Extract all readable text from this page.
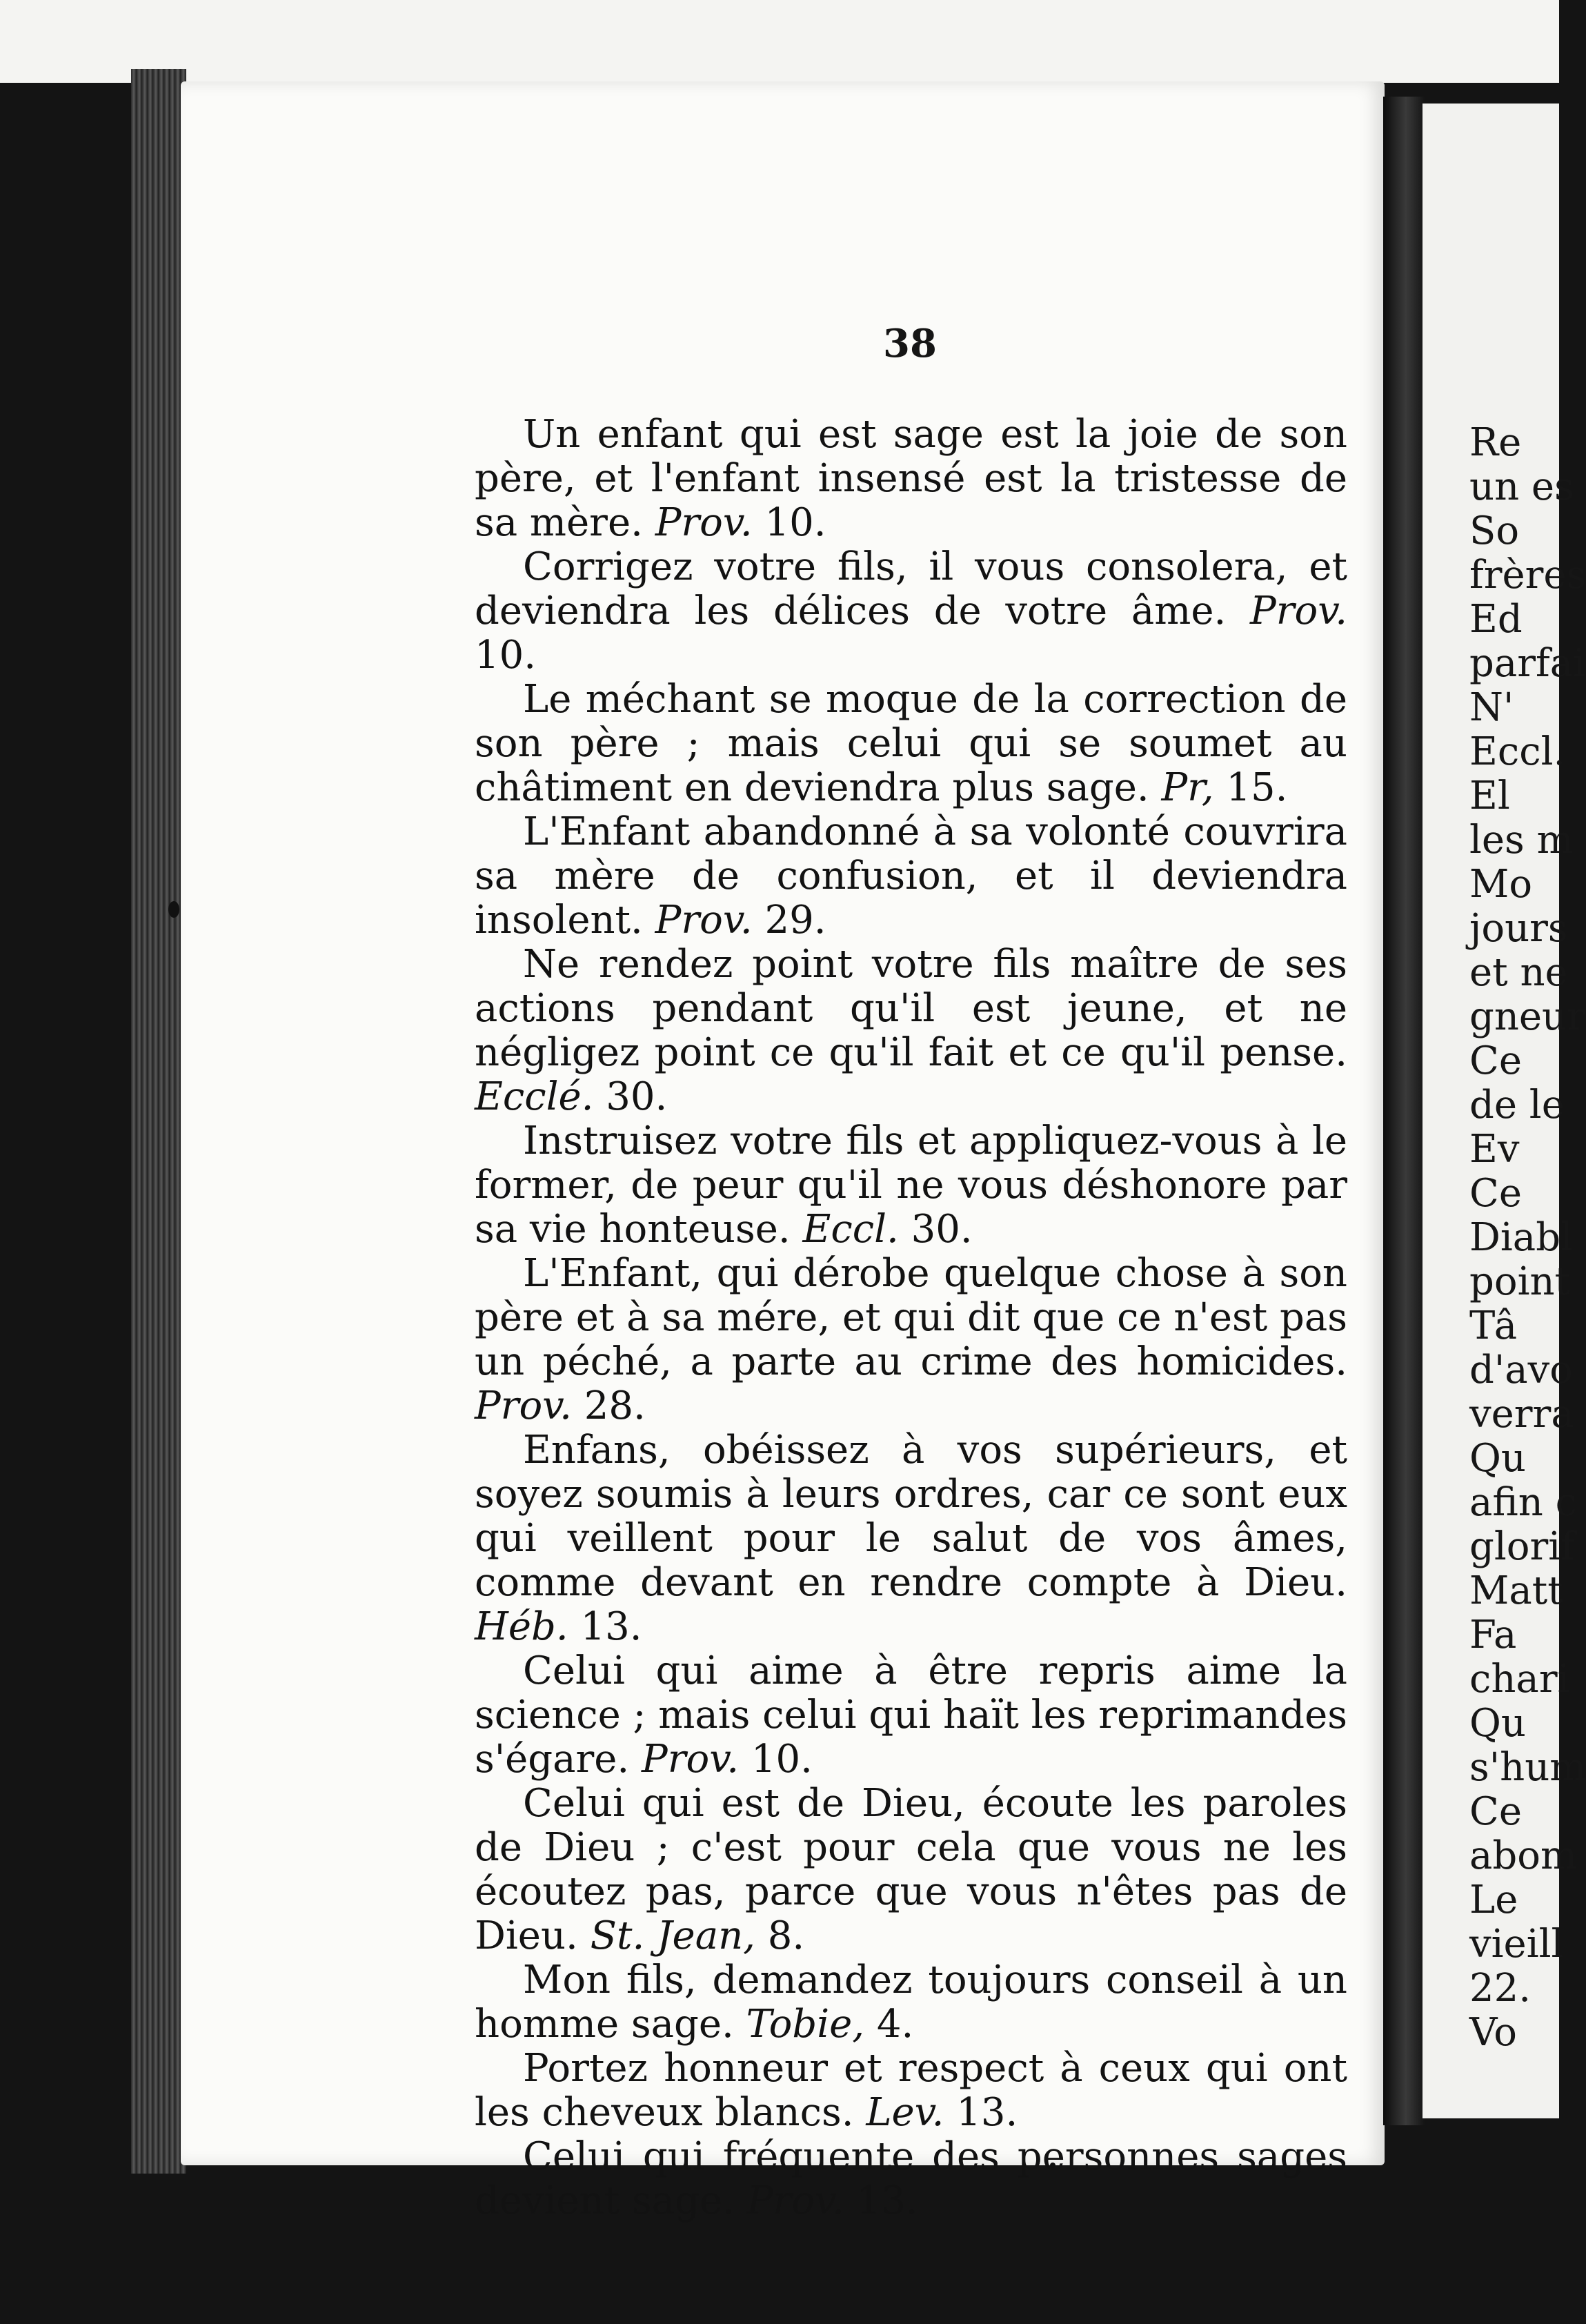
38

Un enfant qui est sage est la joie de son père, et l'enfant insensé est la tristesse de sa mère. Prov. 10.

Corrigez votre fils, il vous consolera, et deviendra les délices de votre âme. Prov. 10.

Le méchant se moque de la correction de son père ; mais celui qui se soumet au châtiment en deviendra plus sage. Pr, 15.

L'Enfant abandonné à sa volonté couvrira sa mère de confusion, et il deviendra insolent. Prov. 29.

Ne rendez point votre fils maître de ses actions pendant qu'il est jeune, et ne négligez point ce qu'il fait et ce qu'il pense. Ecclé. 30.

Instruisez votre fils et appliquez-vous à le former, de peur qu'il ne vous déshonore par sa vie honteuse. Eccl. 30.

L'Enfant, qui dérobe quelque chose à son père et à sa mére, et qui dit que ce n'est pas un péché, a parte au crime des homicides. Prov. 28.

Enfans, obéissez à vos supérieurs, et soyez soumis à leurs ordres, car ce sont eux qui veillent pour le salut de vos âmes, comme devant en rendre compte à Dieu. Héb. 13.

Celui qui aime à être repris aime la science ; mais celui qui haït les reprimandes s'égare. Prov. 10.

Celui qui est de Dieu, écoute les paroles de Dieu ; c'est pour cela que vous ne les écoutez pas, parce que vous n'êtes pas de Dieu. St. Jean, 8.

Mon fils, demandez toujours conseil à un homme sage. Tobie, 4.

Portez honneur et respect à ceux qui ont les cheveux blancs. Lev. 13.

Celui qui fréquente des personnes sages devient sage. Prov. 13.

Re
un es
So
frères
Ed
parfai
N'
Eccl.
El
les m
Mo
jours
et ne
gneur
Ce
de le
Ev
Ce
Diabl
point
Tâ
d'avo
verra
Qu
afin c
glorif
Matt
Fa
chari
Qu
s'hum
Ce
abom
Le
vieill
22.
Vo
